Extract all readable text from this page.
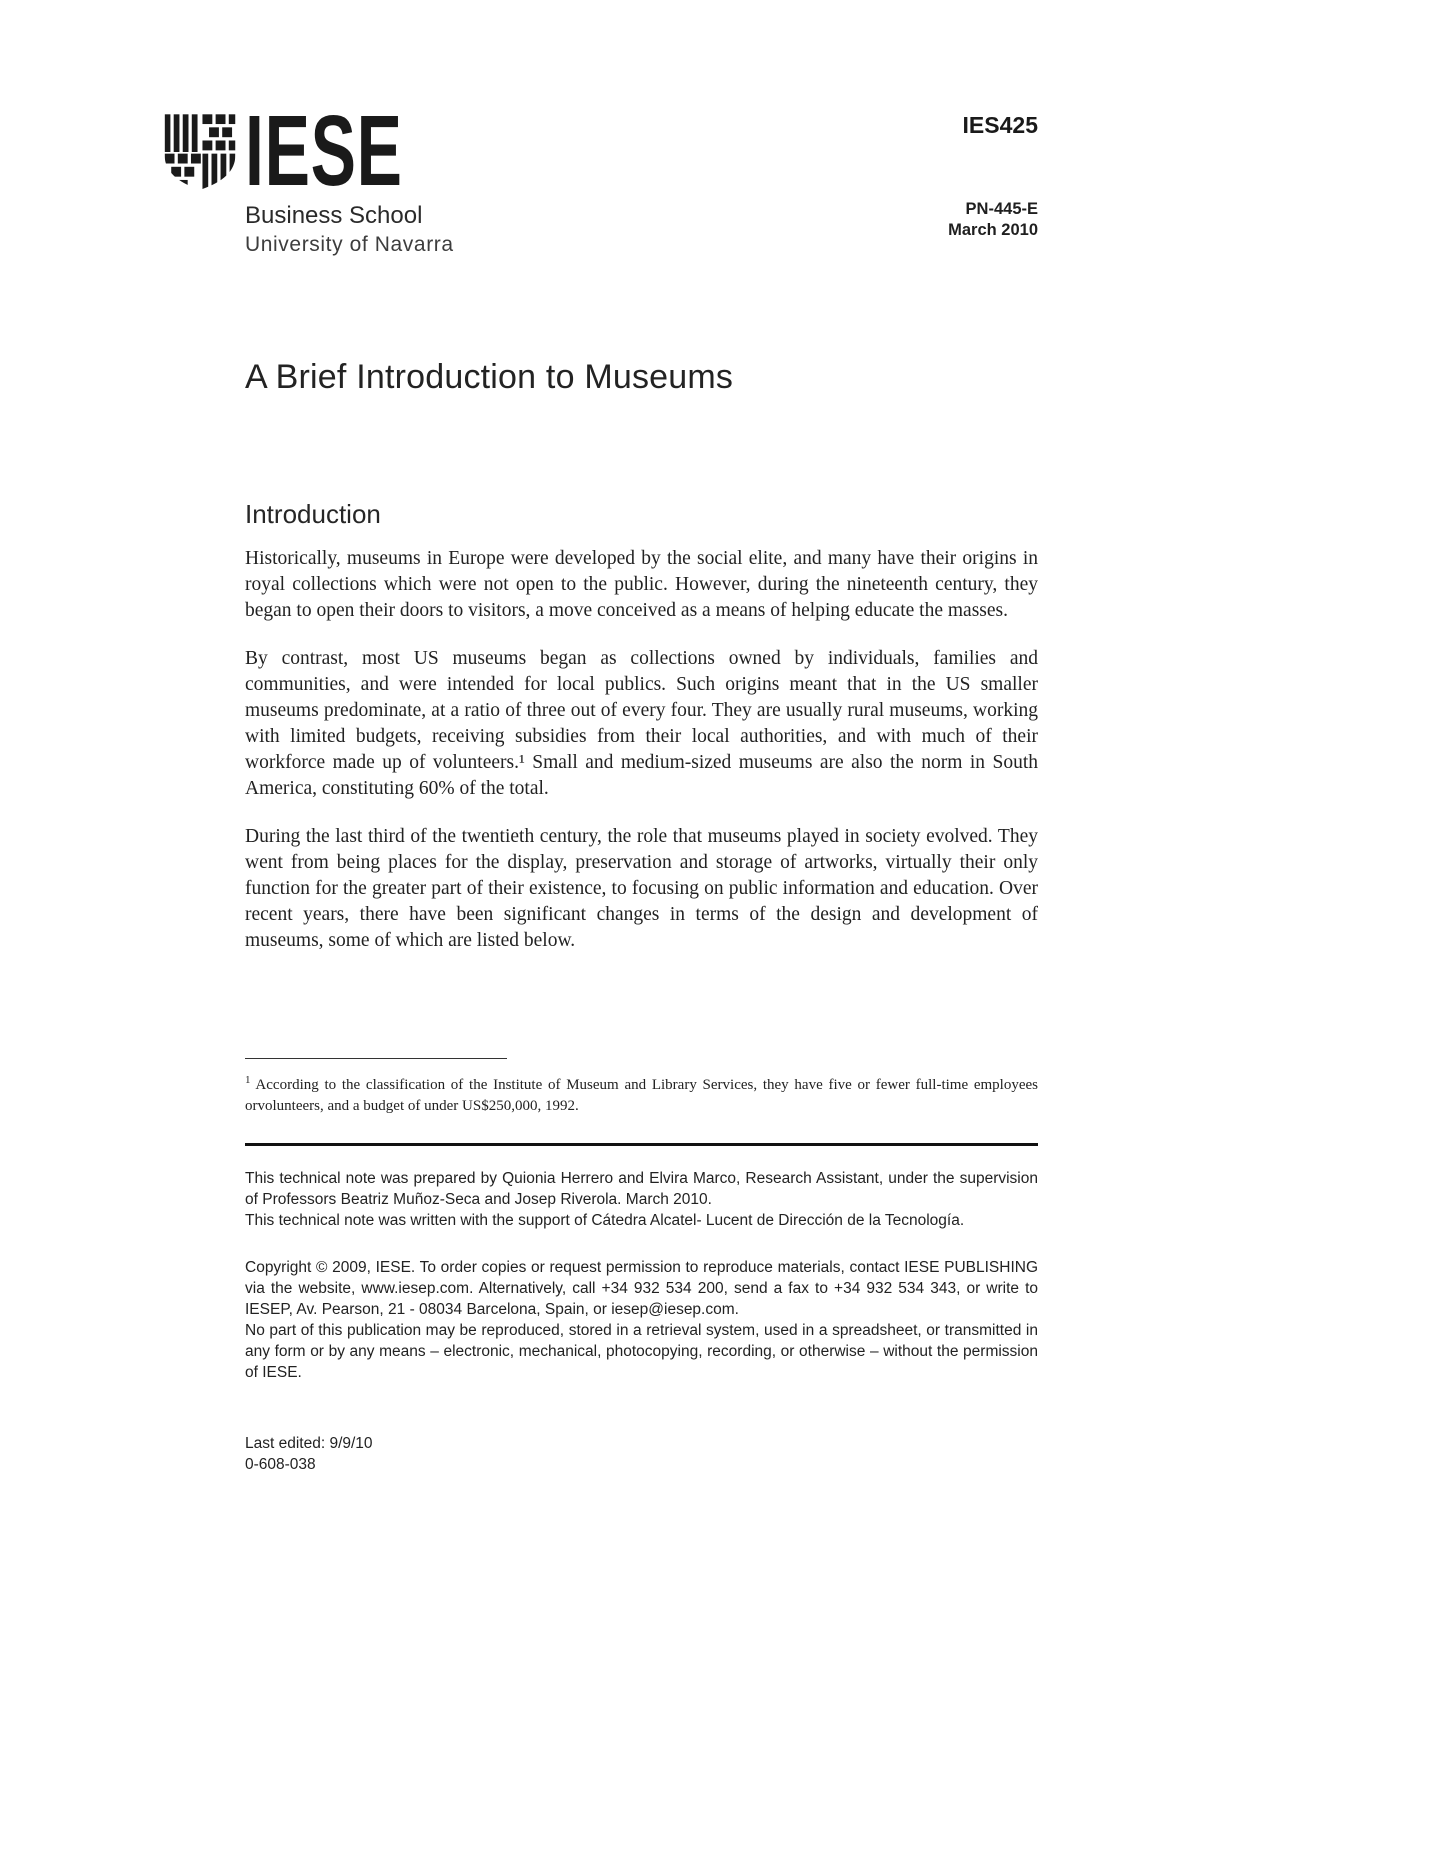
IESE
Business School
University of Navarra
IES425
PN-445-E
March 2010
A Brief Introduction to Museums
Introduction

Historically, museums in Europe were developed by the social elite, and many have their origins in royal collections which were not open to the public. However, during the nineteenth century, they began to open their doors to visitors, a move conceived as a means of helping educate the masses.

By contrast, most US museums began as collections owned by individuals, families and communities, and were intended for local publics. Such origins meant that in the US smaller museums predominate, at a ratio of three out of every four. They are usually rural museums, working with limited budgets, receiving subsidies from their local authorities, and with much of their workforce made up of volunteers.¹ Small and medium-sized museums are also the norm in South America, constituting 60% of the total.

During the last third of the twentieth century, the role that museums played in society evolved. They went from being places for the display, preservation and storage of artworks, virtually their only function for the greater part of their existence, to focusing on public information and education. Over recent years, there have been significant changes in terms of the design and development of museums, some of which are listed below.

$^1$ According to the classification of the Institute of Museum and Library Services, they have five or fewer full-time employees orvolunteers, and a budget of under US$250,000, 1992.

This technical note was prepared by Quionia Herrero and Elvira Marco, Research Assistant, under the supervision of Professors Beatriz Muñoz-Seca and Josep Riverola. March 2010.

This technical note was written with the support of Cátedra Alcatel- Lucent de Dirección de la Tecnología.

Copyright © 2009, IESE. To order copies or request permission to reproduce materials, contact IESE PUBLISHING via the website, www.iesep.com. Alternatively, call +34 932 534 200, send a fax to +34 932 534 343, or write to IESEP, Av. Pearson, 21 - 08034 Barcelona, Spain, or iesep@iesep.com.

No part of this publication may be reproduced, stored in a retrieval system, used in a spreadsheet, or transmitted in any form or by any means – electronic, mechanical, photocopying, recording, or otherwise – without the permission of IESE.

Last edited: 9/9/10

0-608-038
